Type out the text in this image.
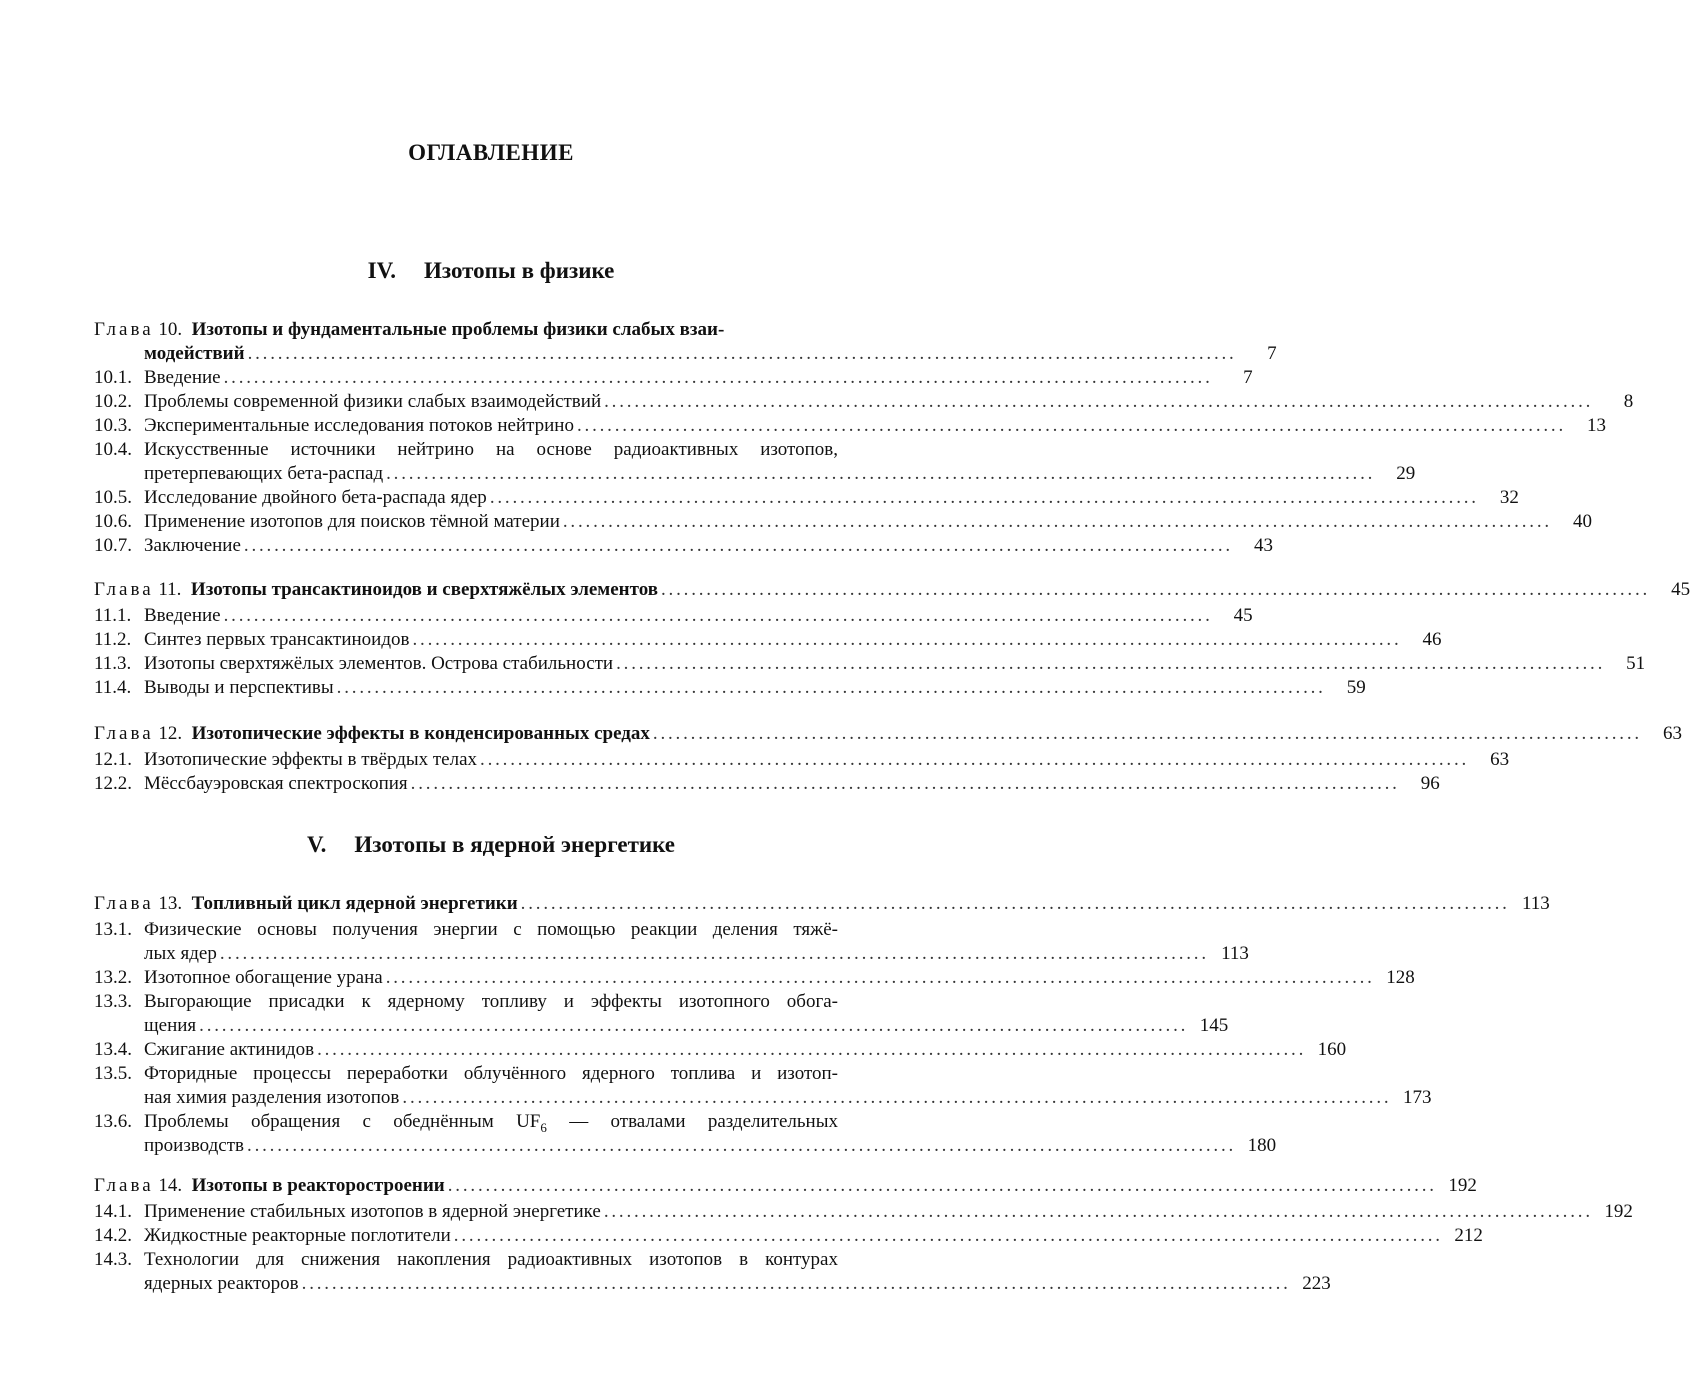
ОГЛАВЛЕНИЕ
IV. Изотопы в физике
Глава 10. Изотопы и фундаментальные проблемы физики слабых взаи-
модействий ...................................................................................................................................	7
10.1. Введение ...................................................................................................................................	7
10.2. Проблемы современной физики слабых взаимодействий ...................................................................................................................................	8
10.3. Экспериментальные исследования потоков нейтрино ...................................................................................................................................	13
10.4. Искусственные источники нейтрино на основе радиоактивных изотопов,
претерпевающих бета-распад ...................................................................................................................................	29
10.5. Исследование двойного бета-распада ядер ...................................................................................................................................	32
10.6. Применение изотопов для поисков тёмной материи ...................................................................................................................................	40
10.7. Заключение ...................................................................................................................................	43
Глава 11. Изотопы трансактиноидов и сверхтяжёлых элементов ...................................................................................................................................	45
11.1. Введение ...................................................................................................................................	45
11.2. Синтез первых трансактиноидов ...................................................................................................................................	46
11.3. Изотопы сверхтяжёлых элементов. Острова стабильности ...................................................................................................................................	51
11.4. Выводы и перспективы ...................................................................................................................................	59
Глава 12. Изотопические эффекты в конденсированных средах ...................................................................................................................................	63
12.1. Изотопические эффекты в твёрдых телах ...................................................................................................................................	63
12.2. Мёссбауэровская спектроскопия ...................................................................................................................................	96
V. Изотопы в ядерной энергетике
Глава 13. Топливный цикл ядерной энергетики ................................................................................................................................... 113
13.1. Физические основы получения энергии с помощью реакции деления тяжё-
лых ядер ................................................................................................................................... 113
13.2. Изотопное обогащение урана ................................................................................................................................... 128
13.3. Выгорающие присадки к ядерному топливу и эффекты изотопного обога-
щения ................................................................................................................................... 145
13.4. Сжигание актинидов ................................................................................................................................... 160
13.5. Фторидные процессы переработки облучённого ядерного топлива и изотоп-
ная химия разделения изотопов ................................................................................................................................... 173
13.6. Проблемы обращения с обеднённым $UF_6$ — отвалами разделительных
производств ................................................................................................................................... 180
Глава 14. Изотопы в реакторостроении ................................................................................................................................... 192
14.1. Применение стабильных изотопов в ядерной энергетике ................................................................................................................................... 192
14.2. Жидкостные реакторные поглотители ................................................................................................................................... 212
14.3. Технологии для снижения накопления радиоактивных изотопов в контурах
ядерных реакторов ................................................................................................................................... 223
